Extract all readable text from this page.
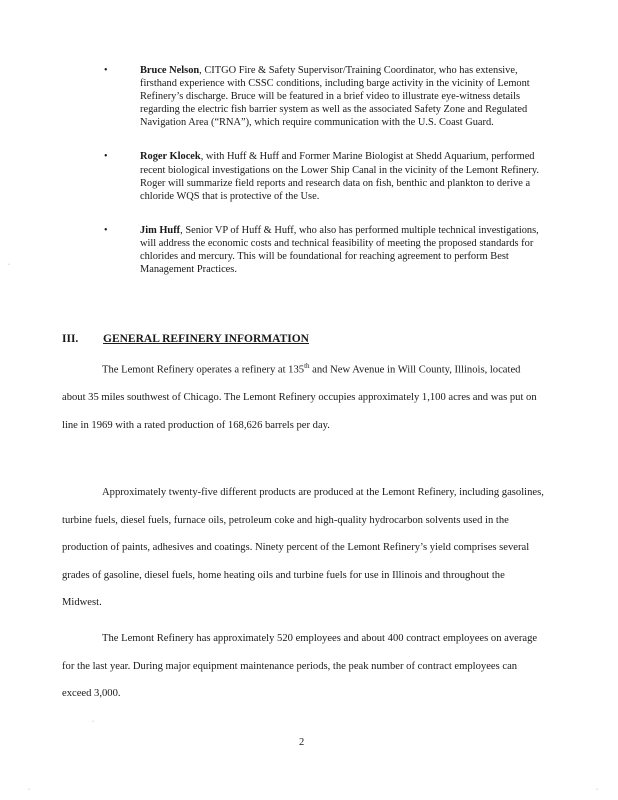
•	Bruce Nelson, CITGO Fire & Safety Supervisor/Training Coordinator, who has extensive, firsthand experience with CSSC conditions, including barge activity in the vicinity of Lemont Refinery’s discharge. Bruce will be featured in a brief video to illustrate eye-witness details regarding the electric fish barrier system as well as the associated Safety Zone and Regulated Navigation Area (“RNA”), which require communication with the U.S. Coast Guard.
•	Roger Klocek, with Huff & Huff and Former Marine Biologist at Shedd Aquarium, performed recent biological investigations on the Lower Ship Canal in the vicinity of the Lemont Refinery. Roger will summarize field reports and research data on fish, benthic and plankton to derive a chloride WQS that is protective of the Use.
•	Jim Huff, Senior VP of Huff & Huff, who also has performed multiple technical investigations, will address the economic costs and technical feasibility of meeting the proposed standards for chlorides and mercury. This will be foundational for reaching agreement to perform Best Management Practices.
III. GENERAL REFINERY INFORMATION

The Lemont Refinery operates a refinery at 135th and New Avenue in Will County, Illinois, located about 35 miles southwest of Chicago. The Lemont Refinery occupies approximately 1,100 acres and was put on line in 1969 with a rated production of 168,626 barrels per day.

Approximately twenty-five different products are produced at the Lemont Refinery, including gasolines, turbine fuels, diesel fuels, furnace oils, petroleum coke and high-quality hydrocarbon solvents used in the production of paints, adhesives and coatings. Ninety percent of the Lemont Refinery’s yield comprises several grades of gasoline, diesel fuels, home heating oils and turbine fuels for use in Illinois and throughout the Midwest.

The Lemont Refinery has approximately 520 employees and about 400 contract employees on average for the last year. During major equipment maintenance periods, the peak number of contract employees can exceed 3,000.

2
·
·
·	·
